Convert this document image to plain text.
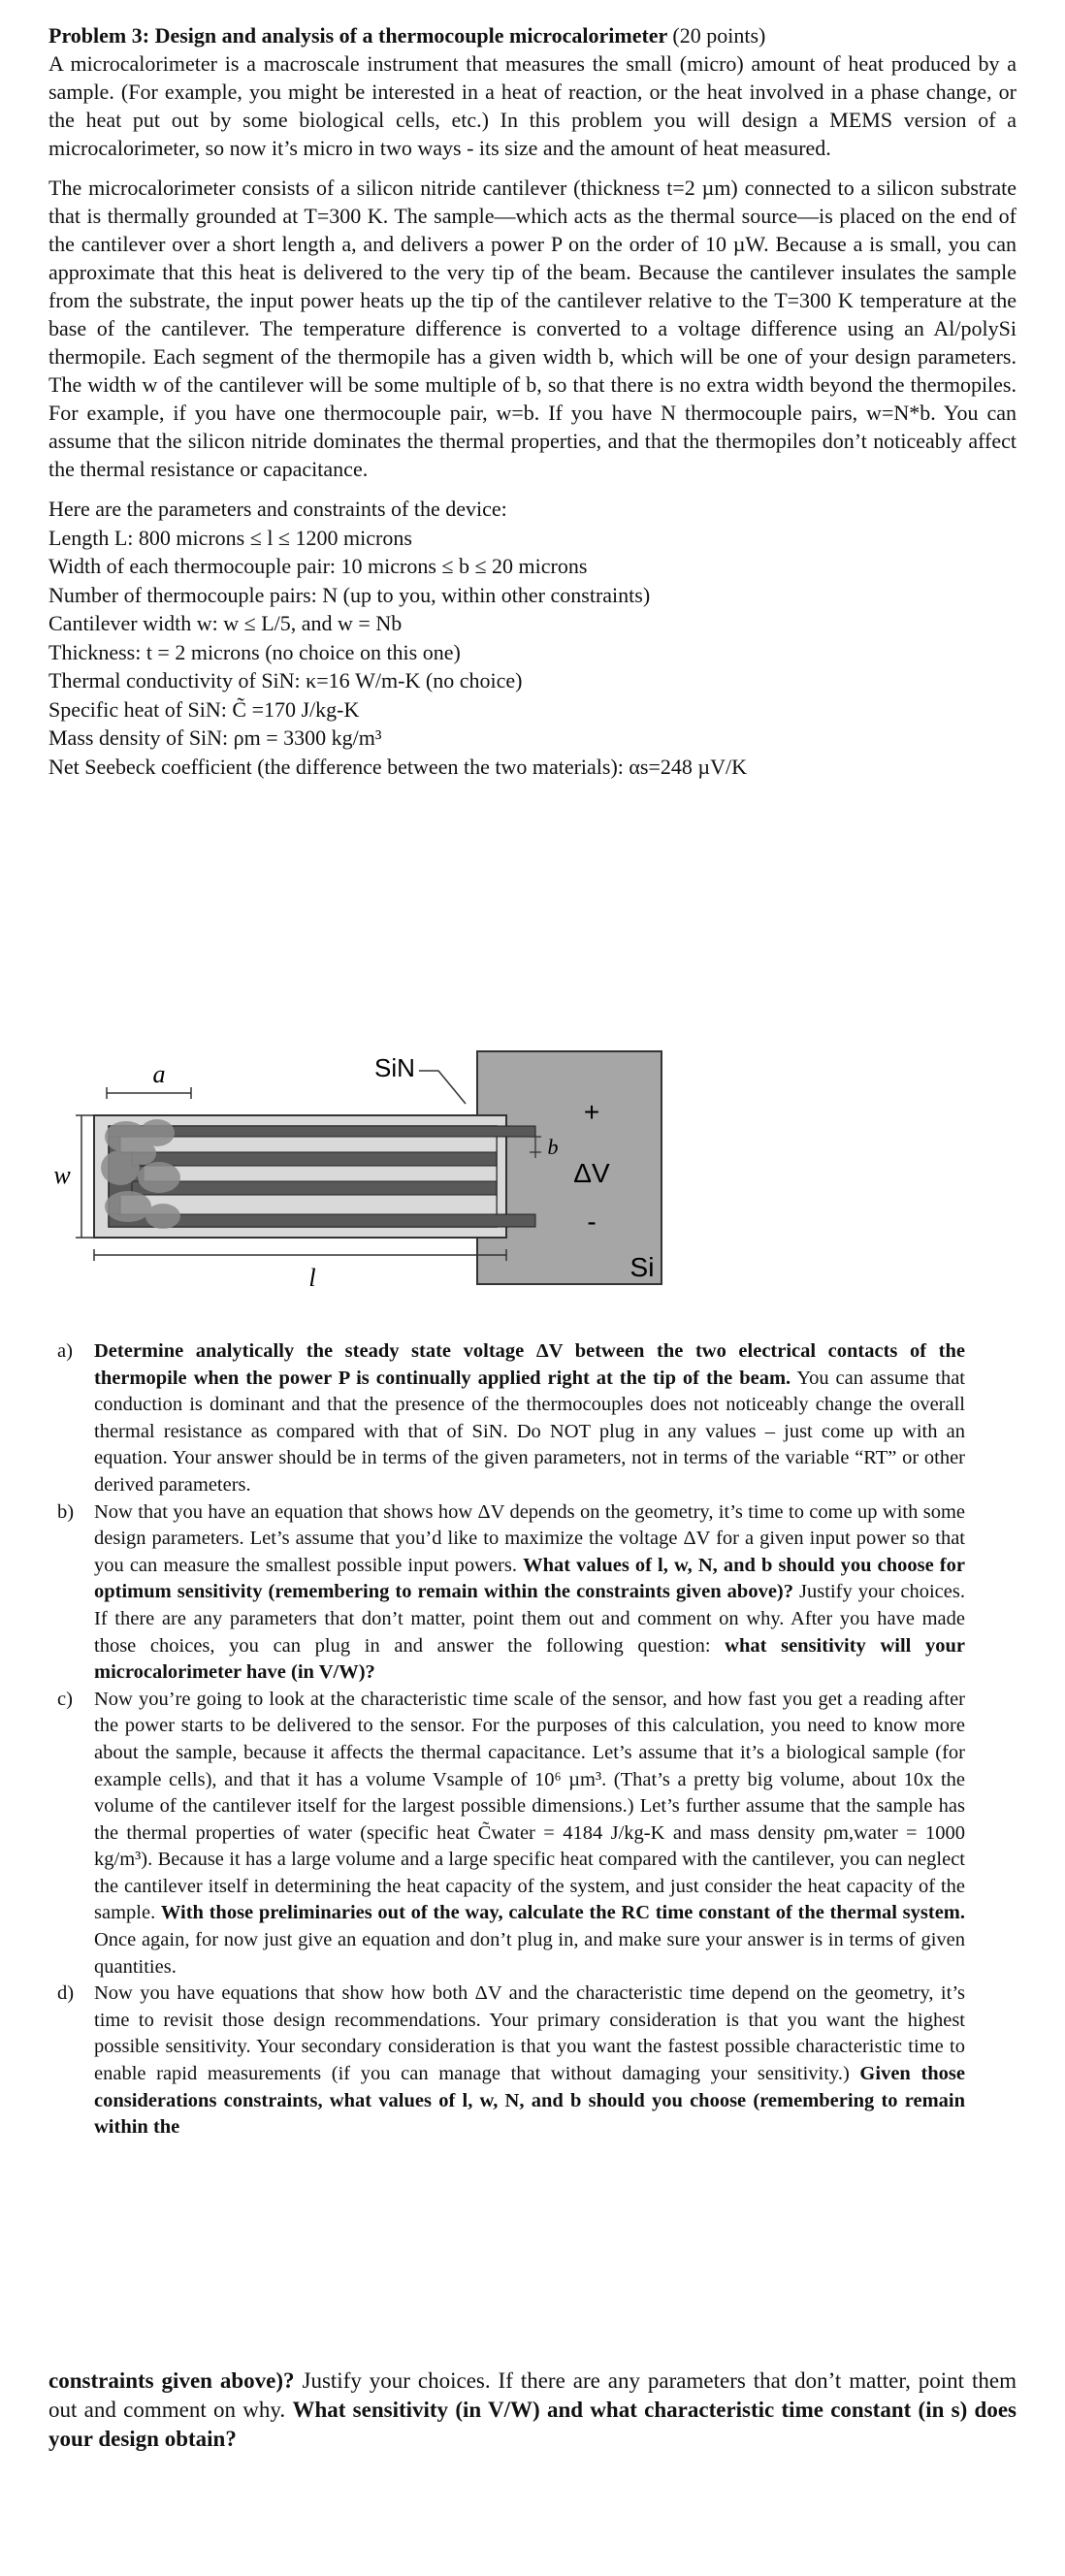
Problem 3: Design and analysis of a thermocouple microcalorimeter (20 points)

A microcalorimeter is a macroscale instrument that measures the small (micro) amount of heat produced by a sample. (For example, you might be interested in a heat of reaction, or the heat involved in a phase change, or the heat put out by some biological cells, etc.) In this problem you will design a MEMS version of a microcalorimeter, so now it’s micro in two ways - its size and the amount of heat measured.

The microcalorimeter consists of a silicon nitride cantilever (thickness t=2 µm) connected to a silicon substrate that is thermally grounded at T=300 K. The sample—which acts as the thermal source—is placed on the end of the cantilever over a short length a, and delivers a power P on the order of 10 µW. Because a is small, you can approximate that this heat is delivered to the very tip of the beam. Because the cantilever insulates the sample from the substrate, the input power heats up the tip of the cantilever relative to the T=300 K temperature at the base of the cantilever. The temperature difference is converted to a voltage difference using an Al/polySi thermopile. Each segment of the thermopile has a given width b, which will be one of your design parameters. The width w of the cantilever will be some multiple of b, so that there is no extra width beyond the thermopiles. For example, if you have one thermocouple pair, w=b. If you have N thermocouple pairs, w=N*b. You can assume that the silicon nitride dominates the thermal properties, and that the thermopiles don’t noticeably affect the thermal resistance or capacitance.

Here are the parameters and constraints of the device:
Length L: 800 microns ≤ l ≤ 1200 microns
Width of each thermocouple pair: 10 microns ≤ b ≤ 20 microns
Number of thermocouple pairs: N (up to you, within other constraints)
Cantilever width w: w ≤ L/5, and w = Nb
Thickness: t = 2 microns (no choice on this one)
Thermal conductivity of SiN: κ=16 W/m-K (no choice)
Specific heat of SiN: C̃ =170 J/kg-K
Mass density of SiN: ρm = 3300 kg/m³
Net Seebeck coefficient (the difference between the two materials): αs=248 µV/K
a	SiN
b
+
ΔV
-
w
l	Si
a)	Determine analytically the steady state voltage ΔV between the two electrical contacts of the thermopile when the power P is continually applied right at the tip of the beam. You can assume that conduction is dominant and that the presence of the thermocouples does not noticeably change the overall thermal resistance as compared with that of SiN. Do NOT plug in any values – just come up with an equation. Your answer should be in terms of the given parameters, not in terms of the variable “RT” or other derived parameters.
b)	Now that you have an equation that shows how ΔV depends on the geometry, it’s time to come up with some design parameters. Let’s assume that you’d like to maximize the voltage ΔV for a given input power so that you can measure the smallest possible input powers. What values of l, w, N, and b should you choose for optimum sensitivity (remembering to remain within the constraints given above)? Justify your choices. If there are any parameters that don’t matter, point them out and comment on why. After you have made those choices, you can plug in and answer the following question: what sensitivity will your microcalorimeter have (in V/W)?
c)	Now you’re going to look at the characteristic time scale of the sensor, and how fast you get a reading after the power starts to be delivered to the sensor. For the purposes of this calculation, you need to know more about the sample, because it affects the thermal capacitance. Let’s assume that it’s a biological sample (for example cells), and that it has a volume Vsample of 10⁶ µm³. (That’s a pretty big volume, about 10x the volume of the cantilever itself for the largest possible dimensions.) Let’s further assume that the sample has the thermal properties of water (specific heat C̃water = 4184 J/kg-K and mass density ρm,water = 1000 kg/m³). Because it has a large volume and a large specific heat compared with the cantilever, you can neglect the cantilever itself in determining the heat capacity of the system, and just consider the heat capacity of the sample. With those preliminaries out of the way, calculate the RC time constant of the thermal system. Once again, for now just give an equation and don’t plug in, and make sure your answer is in terms of given quantities.
d)	Now you have equations that show how both ΔV and the characteristic time depend on the geometry, it’s time to revisit those design recommendations. Your primary consideration is that you want the highest possible sensitivity. Your secondary consideration is that you want the fastest possible characteristic time to enable rapid measurements (if you can manage that without damaging your sensitivity.) Given those considerations constraints, what values of l, w, N, and b should you choose (remembering to remain within the
constraints given above)? Justify your choices. If there are any parameters that don’t matter, point them out and comment on why. What sensitivity (in V/W) and what characteristic time constant (in s) does your design obtain?
